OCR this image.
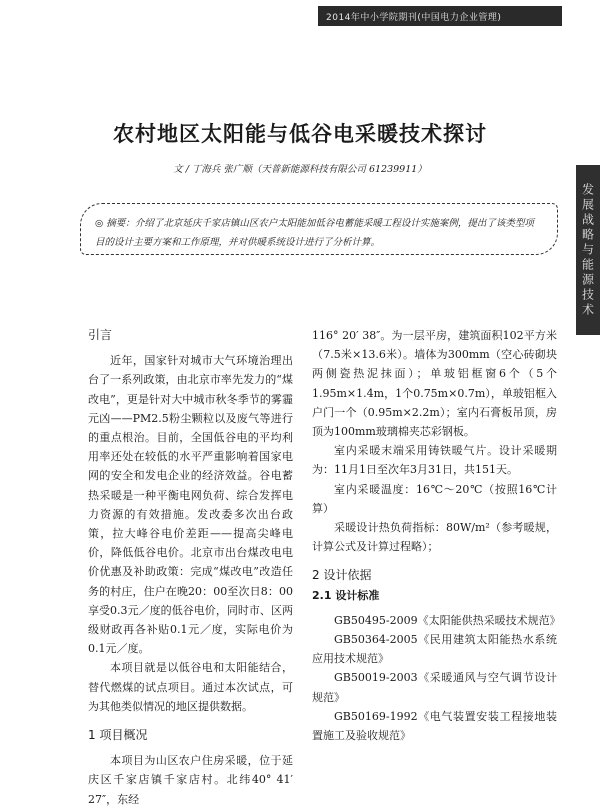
2014年中小学院期刊(中国电力企业管理)
发展战略与能源技术
农村地区太阳能与低谷电采暖技术探讨
文 / 丁海兵 张广顺（天普新能源科技有限公司 61239911）
◎ 摘要：介绍了北京延庆千家店镇山区农户太阳能加低谷电蓄能采暖工程设计实施案例，提出了该类型项目的设计主要方案和工作原理，并对供暖系统设计进行了分析计算。

引言

近年，国家针对城市大气环境治理出台了一系列政策，由北京市率先发力的“煤改电”，更是针对大中城市秋冬季节的雾霾元凶——PM2.5粉尘颗粒以及废气等进行的重点根治。目前，全国低谷电的平均利用率还处在较低的水平严重影响着国家电网的安全和发电企业的经济效益。谷电蓄热采暖是一种平衡电网负荷、综合发挥电力资源的有效措施。发改委多次出台政策，拉大峰谷电价差距——提高尖峰电价，降低低谷电价。北京市出台煤改电电价优惠及补助政策：完成“煤改电”改造任务的村庄，住户在晚20：00至次日8：00享受0.3元／度的低谷电价，同时市、区两级财政再各补贴0.1元／度，实际电价为0.1元／度。

本项目就是以低谷电和太阳能结合，替代燃煤的试点项目。通过本次试点，可为其他类似情况的地区提供数据。

1 项目概况

本项目为山区农户住房采暖，位于延庆区千家店镇千家店村。北纬40° 41′ 27″，东经

116° 20′ 38″。为一层平房，建筑面积102平方米（7.5米×13.6米）。墙体为300mm（空心砖砌块两侧瓷热泥抹面）；单玻铝框窗6个（5个1.95m×1.4m，1个0.75m×0.7m），单玻铝框入户门一个（0.95m×2.2m）；室内石膏板吊顶，房顶为100mm玻璃棉夹芯彩钢板。

室内采暖末端采用铸铁暖气片。设计采暖期为：11月1日至次年3月31日，共151天。

室内采暖温度：16℃～20℃（按照16℃计算）

采暖设计热负荷指标：80W/m²（参考暖规，计算公式及计算过程略）；

2 设计依据

2.1 设计标准

GB50495-2009《太阳能供热采暖技术规范》

GB50364-2005《民用建筑太阳能热水系统应用技术规范》

GB50019-2003《采暖通风与空气调节设计规范》

GB50169-1992《电气装置安装工程接地装置施工及验收规范》
